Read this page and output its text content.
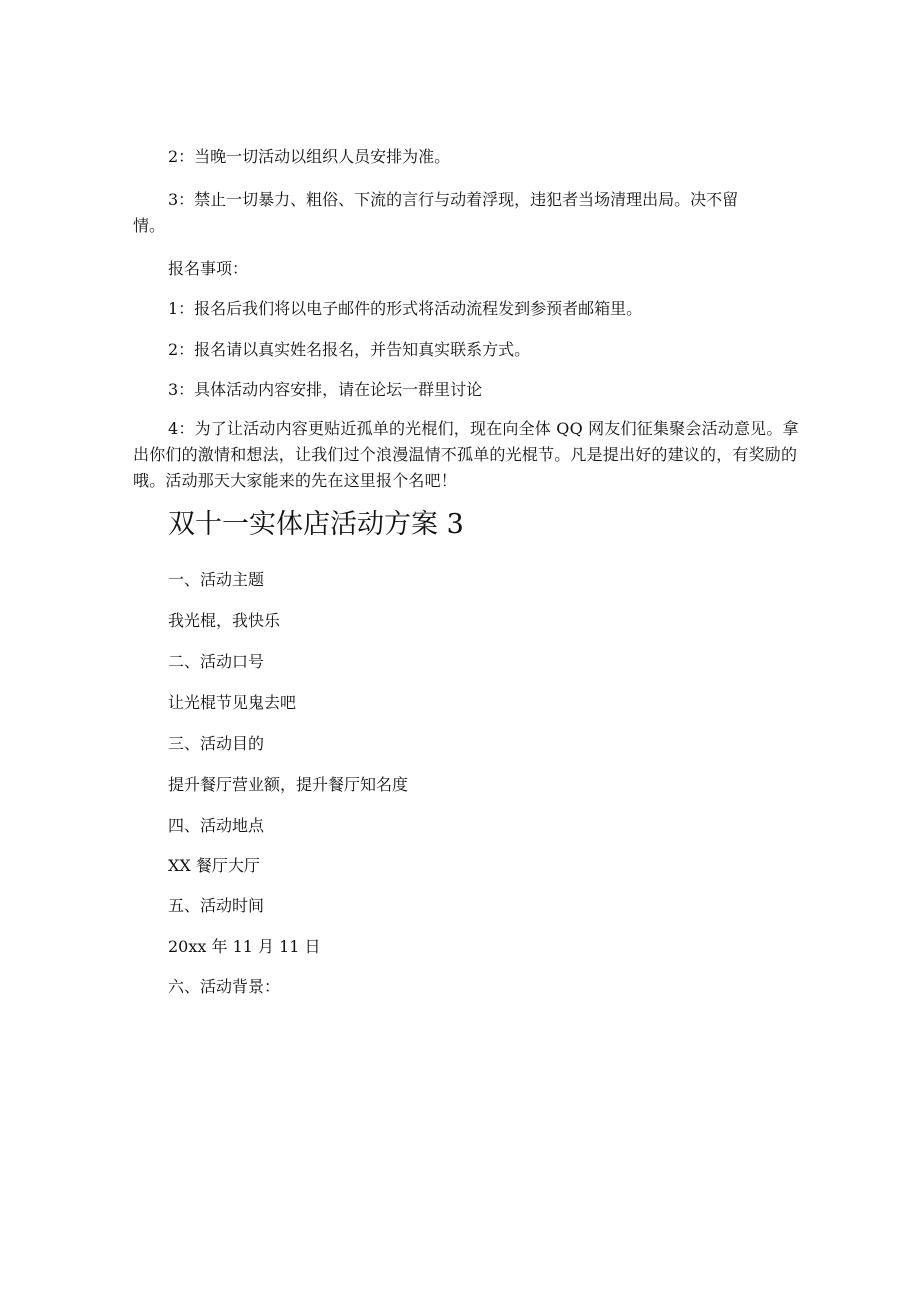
2：当晚一切活动以组织人员安排为准。
3：禁止一切暴力、粗俗、下流的言行与动着浮现，违犯者当场清理出局。决不留
情。
报名事项：
1：报名后我们将以电子邮件的形式将活动流程发到参预者邮箱里。
2：报名请以真实姓名报名，并告知真实联系方式。
3：具体活动内容安排，请在论坛一群里讨论
4：为了让活动内容更贴近孤单的光棍们，现在向全体 QQ 网友们征集聚会活动意见。拿出你们的激情和想法，让我们过个浪漫温情不孤单的光棍节。凡是提出好的建议的，有奖励的哦。活动那天大家能来的先在这里报个名吧！
双十一实体店活动方案 3
一、活动主题
我光棍，我快乐
二、活动口号
让光棍节见鬼去吧
三、活动目的
提升餐厅营业额，提升餐厅知名度
四、活动地点
XX 餐厅大厅
五、活动时间
20xx 年 11 月 11 日
六、活动背景：
